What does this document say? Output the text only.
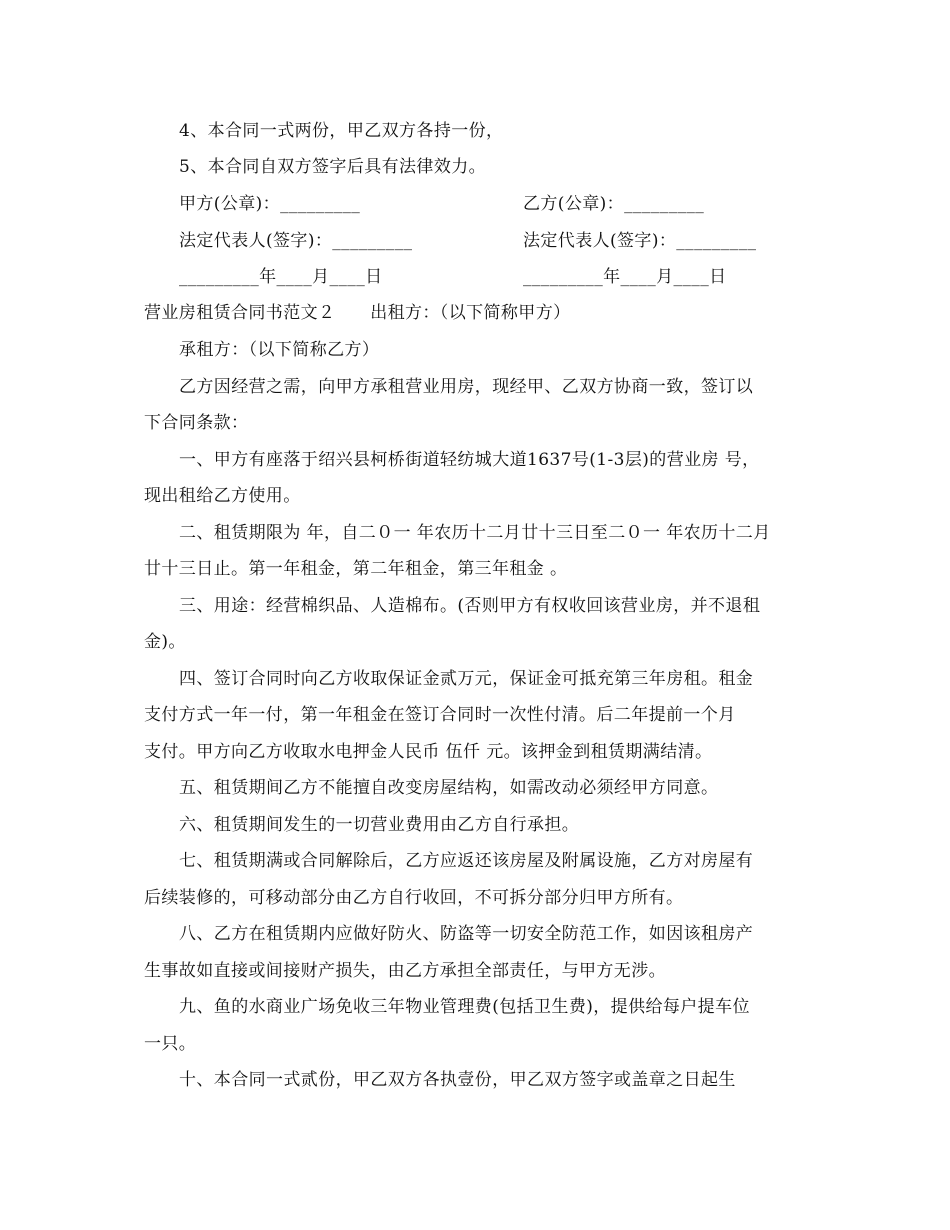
4、本合同一式两份，甲乙双方各持一份，
5、本合同自双方签字后具有法律效力。
甲方(公章)：_________	乙方(公章)：_________
法定代表人(签字)：_________	法定代表人(签字)：_________
_________年____月____日	_________年____月____日
营业房租赁合同书范文２　　出租方：（以下简称甲方）
承租方：（以下简称乙方）
乙方因经营之需，向甲方承租营业用房，现经甲、乙双方协商一致，签订以
下合同条款：
一、甲方有座落于绍兴县柯桥街道轻纺城大道1637号(1-3层)的营业房 号，
现出租给乙方使用。
二、租赁期限为 年，自二０一 年农历十二月廿十三日至二０一 年农历十二月
廿十三日止。第一年租金，第二年租金，第三年租金 。
三、用途：经营棉织品、人造棉布。(否则甲方有权收回该营业房，并不退租
金)。
四、签订合同时向乙方收取保证金贰万元，保证金可抵充第三年房租。租金
支付方式一年一付，第一年租金在签订合同时一次性付清。后二年提前一个月
支付。甲方向乙方收取水电押金人民币 伍仟 元。该押金到租赁期满结清。
五、租赁期间乙方不能擅自改变房屋结构，如需改动必须经甲方同意。
六、租赁期间发生的一切营业费用由乙方自行承担。
七、租赁期满或合同解除后，乙方应返还该房屋及附属设施，乙方对房屋有
后续装修的，可移动部分由乙方自行收回，不可拆分部分归甲方所有。
八、乙方在租赁期内应做好防火、防盗等一切安全防范工作，如因该租房产
生事故如直接或间接财产损失，由乙方承担全部责任，与甲方无涉。
九、鱼的水商业广场免收三年物业管理费(包括卫生费)，提供给每户提车位
一只。
十、本合同一式贰份，甲乙双方各执壹份，甲乙双方签字或盖章之日起生
